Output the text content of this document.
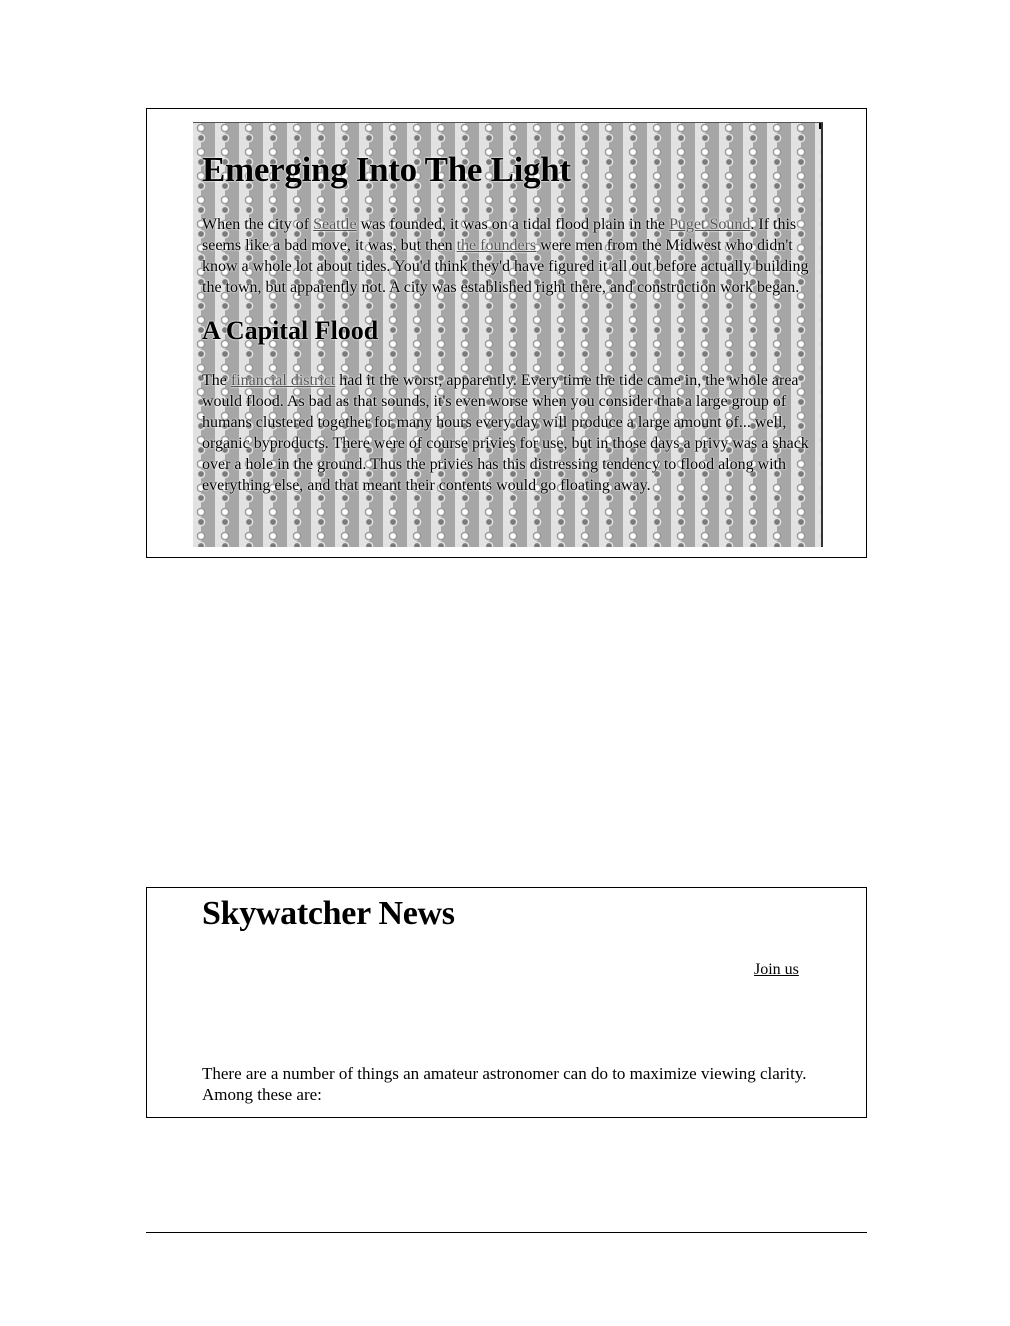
Emerging Into The Light

When the city of Seattle was founded, it was on a tidal flood plain in the Puget Sound. If this seems like a bad move, it was, but then the founders were men from the Midwest who didn't know a whole lot about tides. You'd think they'd have figured it all out before actually building the town, but apparently not. A city was established right there, and construction work began.

A Capital Flood

The financial district had it the worst, apparently. Every time the tide came in, the whole area would flood. As bad as that sounds, it's even worse when you consider that a large group of humans clustered together for many hours every day will produce a large amount of... well, organic byproducts. There were of course privies for use, but in those days a privy was a shack over a hole in the ground. Thus the privies has this distressing tendency to flood along with everything else, and that meant their contents would go floating away.

Skywatcher News
Join us

There are a number of things an amateur astronomer can do to maximize viewing clarity. Among these are:
